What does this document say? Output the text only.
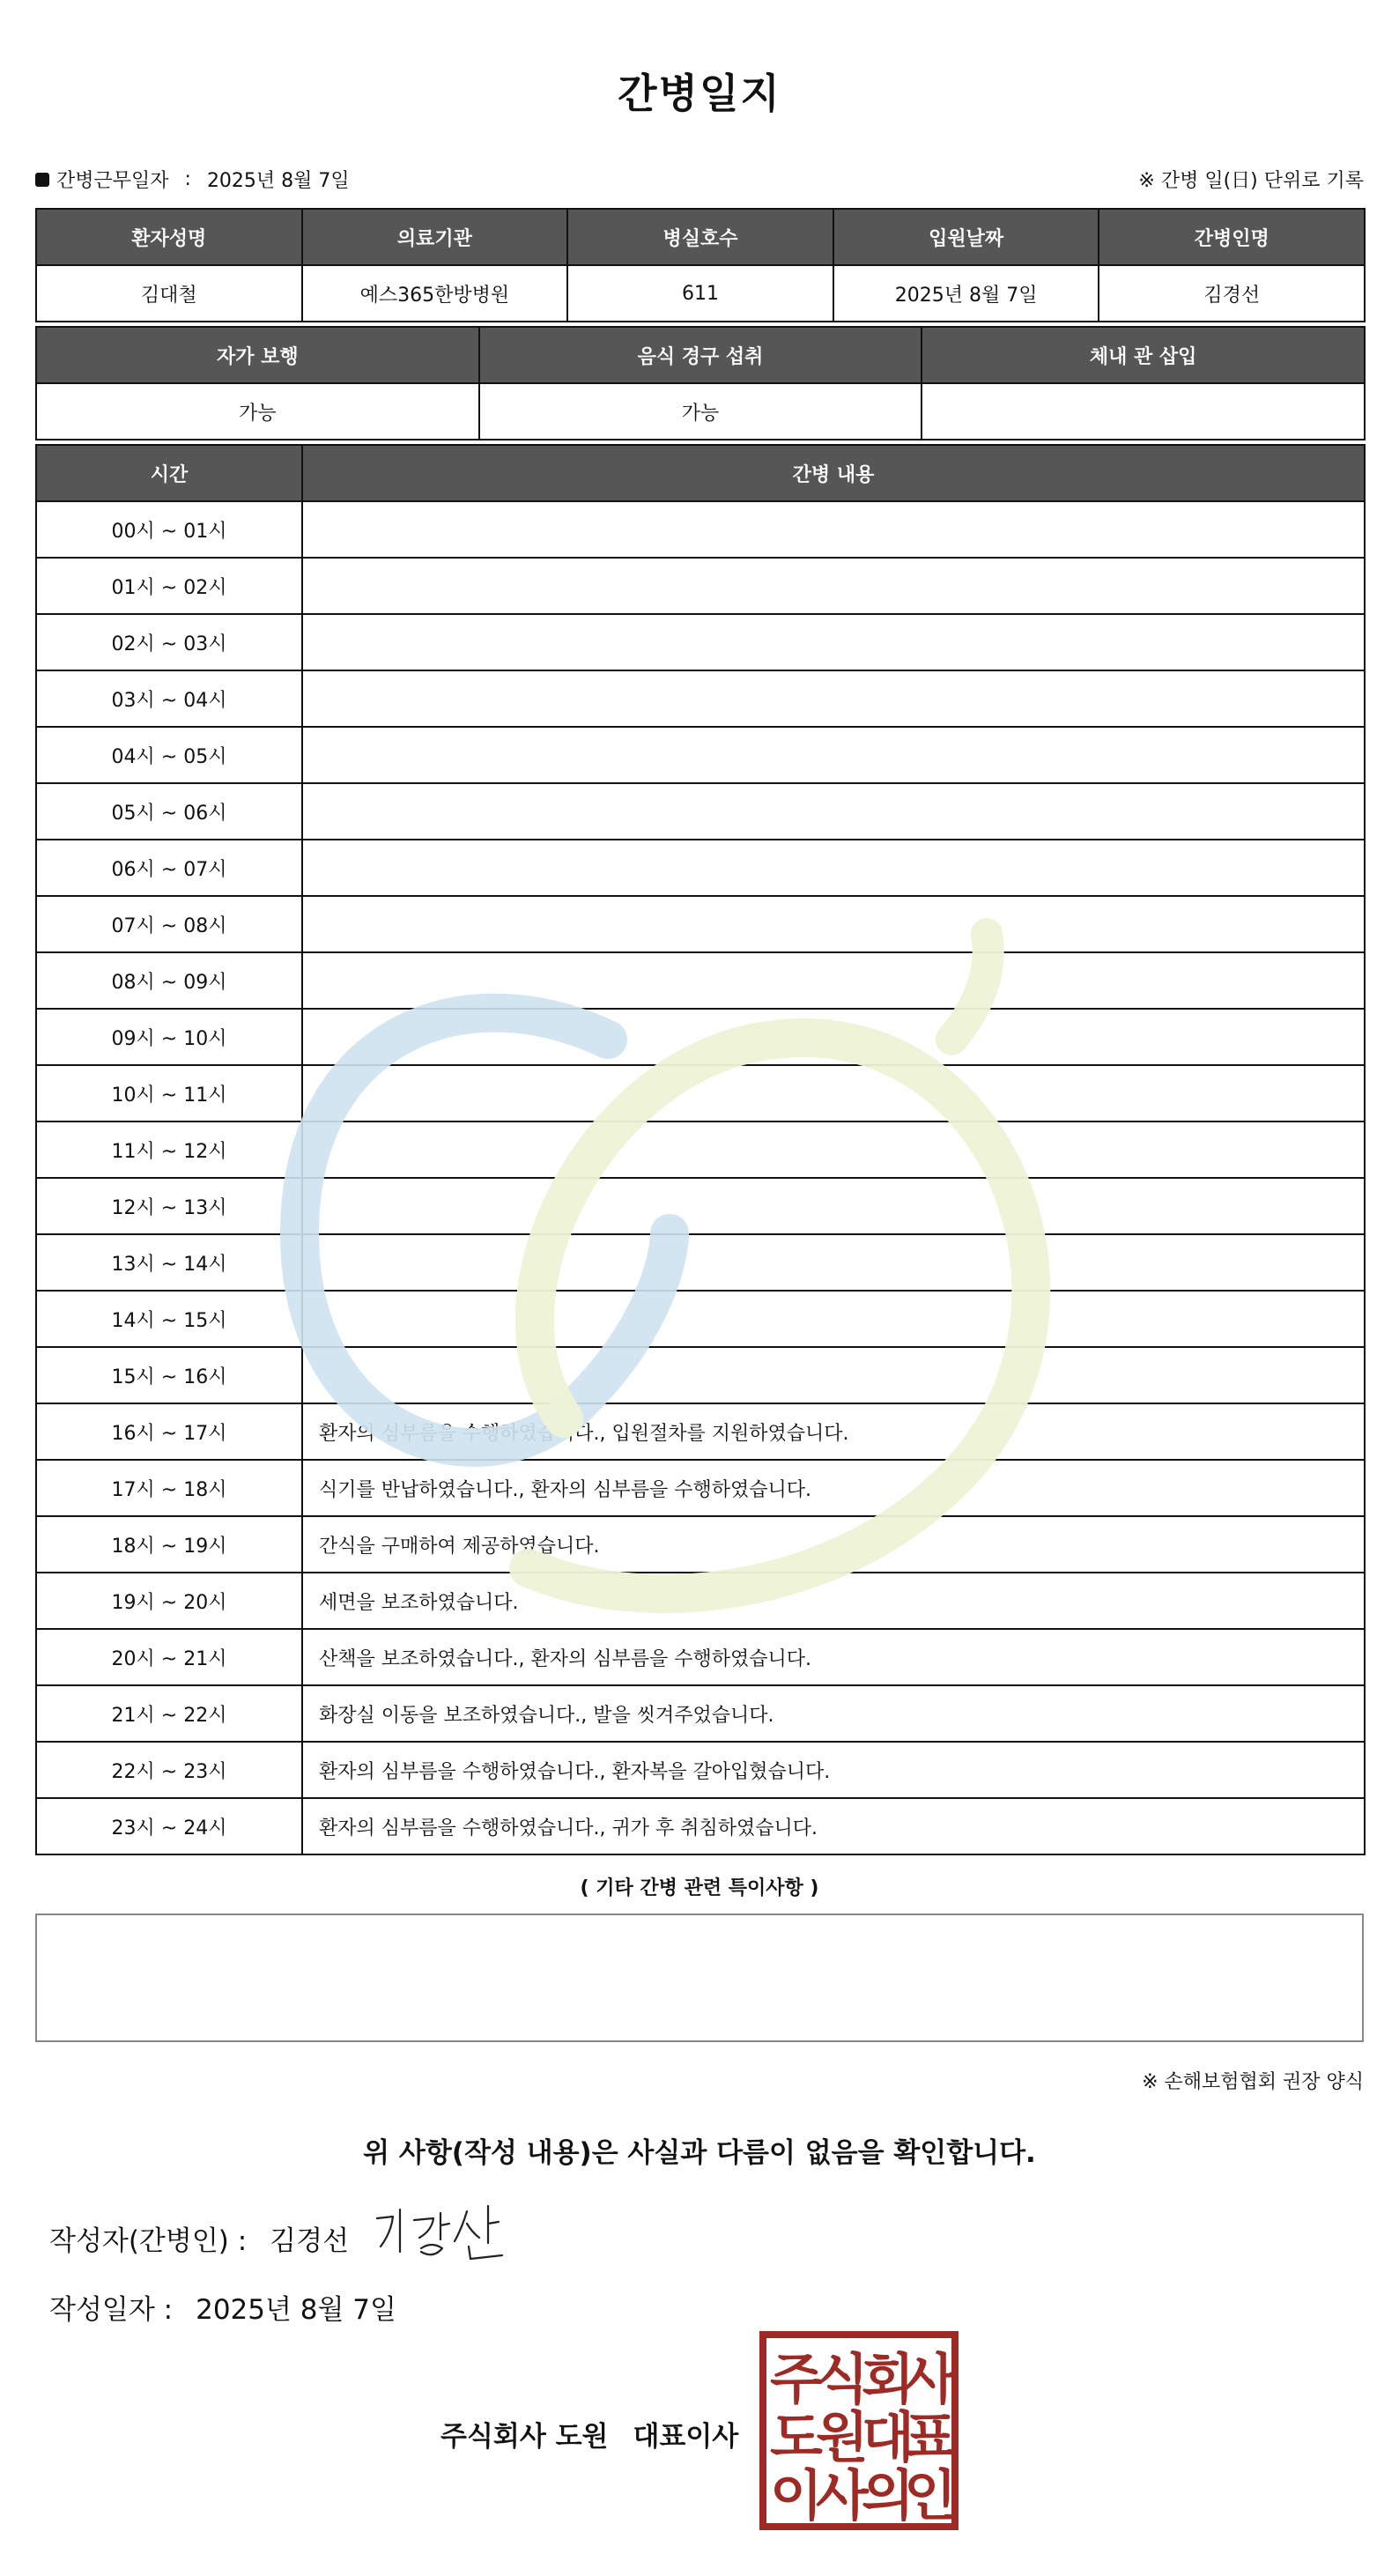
간병일지
간병근무일자 : 2025년 8월 7일	※ 간병 일(日) 단위로 기록
환자성명	의료기관	병실호수	입원날짜	간병인명
김대철	예스365한방병원	611	2025년 8월 7일	김경선
자가 보행	음식 경구 섭취	체내 관 삽입
가능	가능
시간	간병 내용
00시 ~ 01시
01시 ~ 02시
02시 ~ 03시
03시 ~ 04시
04시 ~ 05시
05시 ~ 06시
06시 ~ 07시
07시 ~ 08시
08시 ~ 09시
09시 ~ 10시
10시 ~ 11시
11시 ~ 12시
12시 ~ 13시
13시 ~ 14시
14시 ~ 15시
15시 ~ 16시
16시 ~ 17시	환자의 심부름을 수행하였습니다., 입원절차를 지원하였습니다.
17시 ~ 18시	식기를 반납하였습니다., 환자의 심부름을 수행하였습니다.
18시 ~ 19시	간식을 구매하여 제공하였습니다.
19시 ~ 20시	세면을 보조하였습니다.
20시 ~ 21시	산책을 보조하였습니다., 환자의 심부름을 수행하였습니다.
21시 ~ 22시	화장실 이동을 보조하였습니다., 발을 씻겨주었습니다.
22시 ~ 23시	환자의 심부름을 수행하였습니다., 환자복을 갈아입혔습니다.
23시 ~ 24시	환자의 심부름을 수행하였습니다., 귀가 후 취침하였습니다.
( 기타 간병 관련 특이사항 )
※ 손해보험협회 권장 양식
위 사항(작성 내용)은 사실과 다름이 없음을 확인합니다.
작성자(간병인) : 김경선
작성일자 : 2025년 8월 7일
주식회사 도원 대표이사
주
식
회
사
도
원
대
표
이
사
의
인
